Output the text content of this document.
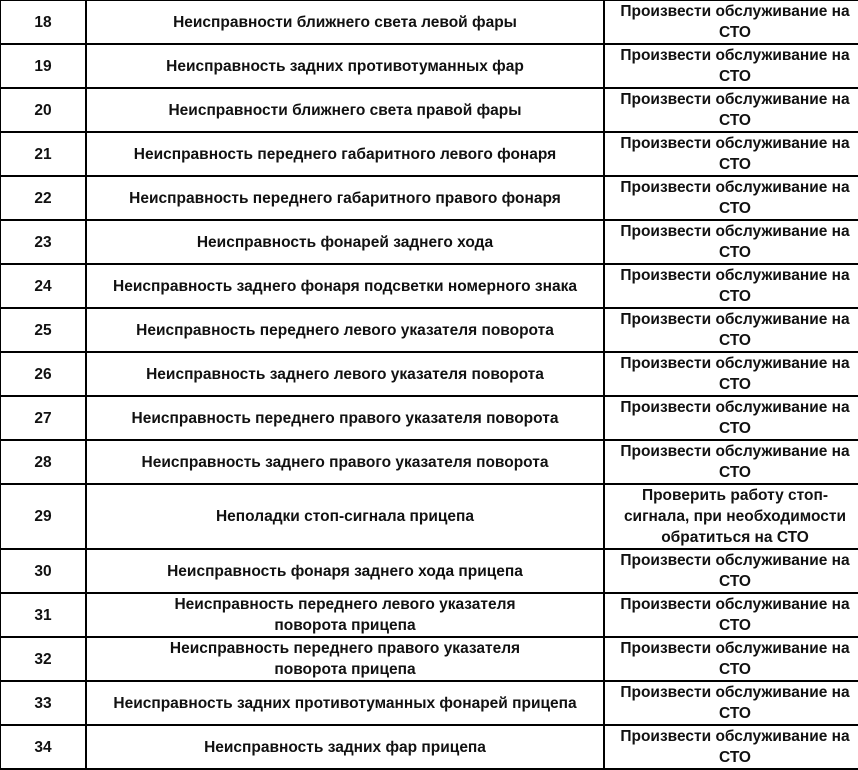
18	Неисправности ближнего света левой фары	Произвести обслуживание на
СТО
19	Неисправность задних противотуманных фар	Произвести обслуживание на
СТО
20	Неисправности ближнего света правой фары	Произвести обслуживание на
СТО
21	Неисправность переднего габаритного левого фонаря	Произвести обслуживание на
СТО
22	Неисправность переднего габаритного правого фонаря	Произвести обслуживание на
СТО
23	Неисправность фонарей заднего хода	Произвести обслуживание на
СТО
24	Неисправность заднего фонаря подсветки номерного знака	Произвести обслуживание на
СТО
25	Неисправность переднего левого указателя поворота	Произвести обслуживание на
СТО
26	Неисправность заднего левого указателя поворота	Произвести обслуживание на
СТО
27	Неисправность переднего правого указателя поворота	Произвести обслуживание на
СТО
28	Неисправность заднего правого указателя поворота	Произвести обслуживание на
СТО
29	Неполадки стоп-сигнала прицепа	Проверить работу стоп-
сигнала, при необходимости
обратиться на СТО
30	Неисправность фонаря заднего хода прицепа	Произвести обслуживание на
СТО
31	Неисправность переднего левого указателя поворота прицепа	Произвести обслуживание на
СТО
32	Неисправность переднего правого указателя поворота прицепа	Произвести обслуживание на
СТО
33	Неисправность задних противотуманных фонарей прицепа	Произвести обслуживание на
СТО
34	Неисправность задних фар прицепа	Произвести обслуживание на
СТО
